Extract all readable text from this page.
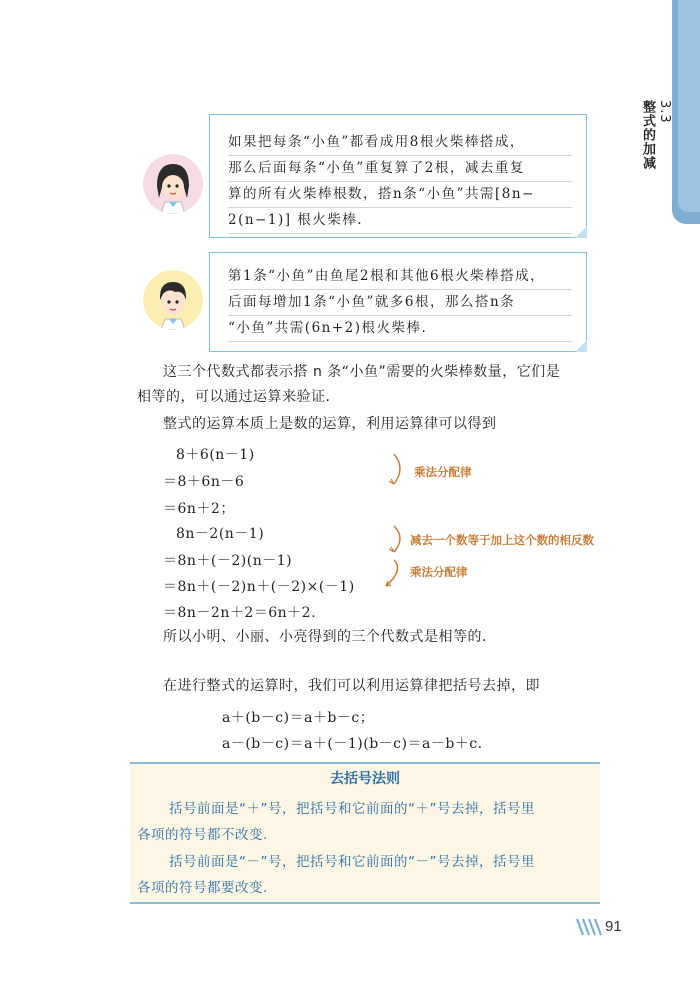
3.3
整式的加减
如果把每条“小鱼”都看成用8根火柴棒搭成，
那么后面每条“小鱼”重复算了2根，减去重复
算的所有火柴棒根数，搭n条“小鱼”共需[8n−
2(n−1)] 根火柴棒.
第1条“小鱼”由鱼尾2根和其他6根火柴棒搭成，
后面每增加1条“小鱼”就多6根，那么搭n条
“小鱼”共需(6n+2)根火柴棒.
这三个代数式都表示搭 n 条“小鱼”需要的火柴棒数量，它们是
相等的，可以通过运算来验证.
整式的运算本质上是数的运算，利用运算律可以得到
8＋6(n－1)
＝8＋6n－6
＝6n＋2；
8n－2(n－1)
＝8n＋(－2)(n－1)
＝8n＋(－2)n＋(－2)×(－1)
＝8n－2n＋2＝6n＋2.
乘法分配律
减去一个数等于加上这个数的相反数
乘法分配律
所以小明、小丽、小亮得到的三个代数式是相等的.
在进行整式的运算时，我们可以利用运算律把括号去掉，即
a＋(b－c)＝a＋b－c；
a－(b－c)＝a＋(－1)(b－c)＝a－b＋c.
去括号法则
括号前面是“＋”号，把括号和它前面的“＋”号去掉，括号里
各项的符号都不改变.
括号前面是“－”号，把括号和它前面的“－”号去掉，括号里
各项的符号都要改变.
91
